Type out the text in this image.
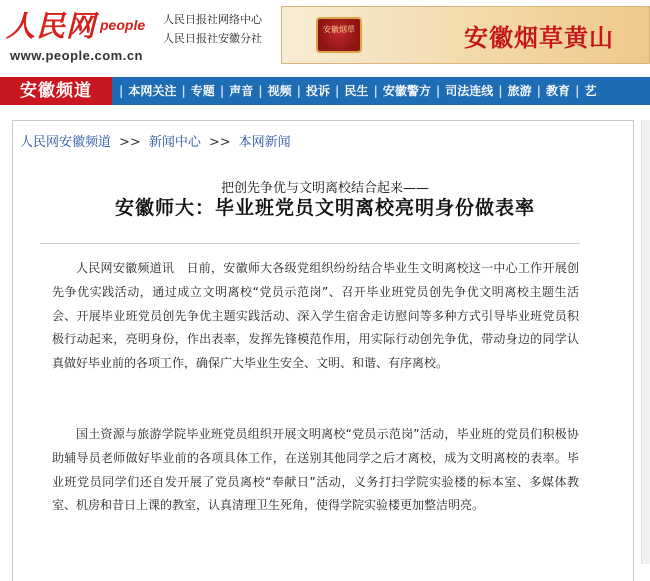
人民网 people
www.people.com.cn
人民日报社网络中心
人民日报社安徽分社
安徽烟草	安徽烟草黄山
安徽频道	| 本网关注 | 专题 | 声音 | 视频 | 投诉 | 民生 | 安徽警方 | 司法连线 | 旅游 | 教育 | 艺
人民网安徽频道 >> 新闻中心 >> 本网新闻
把创先争优与文明离校结合起来——
安徽师大：毕业班党员文明离校亮明身份做表率

人民网安徽频道讯　日前，安徽师大各级党组织纷纷结合毕业生文明离校这一中心工作开展创先争优实践活动，通过成立文明离校“党员示范岗”、召开毕业班党员创先争优文明离校主题生活会、开展毕业班党员创先争优主题实践活动、深入学生宿舍走访慰问等多种方式引导毕业班党员积极行动起来，亮明身份，作出表率，发挥先锋模范作用，用实际行动创先争优，带动身边的同学认真做好毕业前的各项工作，确保广大毕业生安全、文明、和谐、有序离校。

国土资源与旅游学院毕业班党员组织开展文明离校“党员示范岗”活动，毕业班的党员们积极协助辅导员老师做好毕业前的各项具体工作，在送别其他同学之后才离校，成为文明离校的表率。毕业班党员同学们还自发开展了党员离校“奉献日”活动，义务打扫学院实验楼的标本室、多媒体教室、机房和昔日上课的教室，认真清理卫生死角，使得学院实验楼更加整洁明亮。
